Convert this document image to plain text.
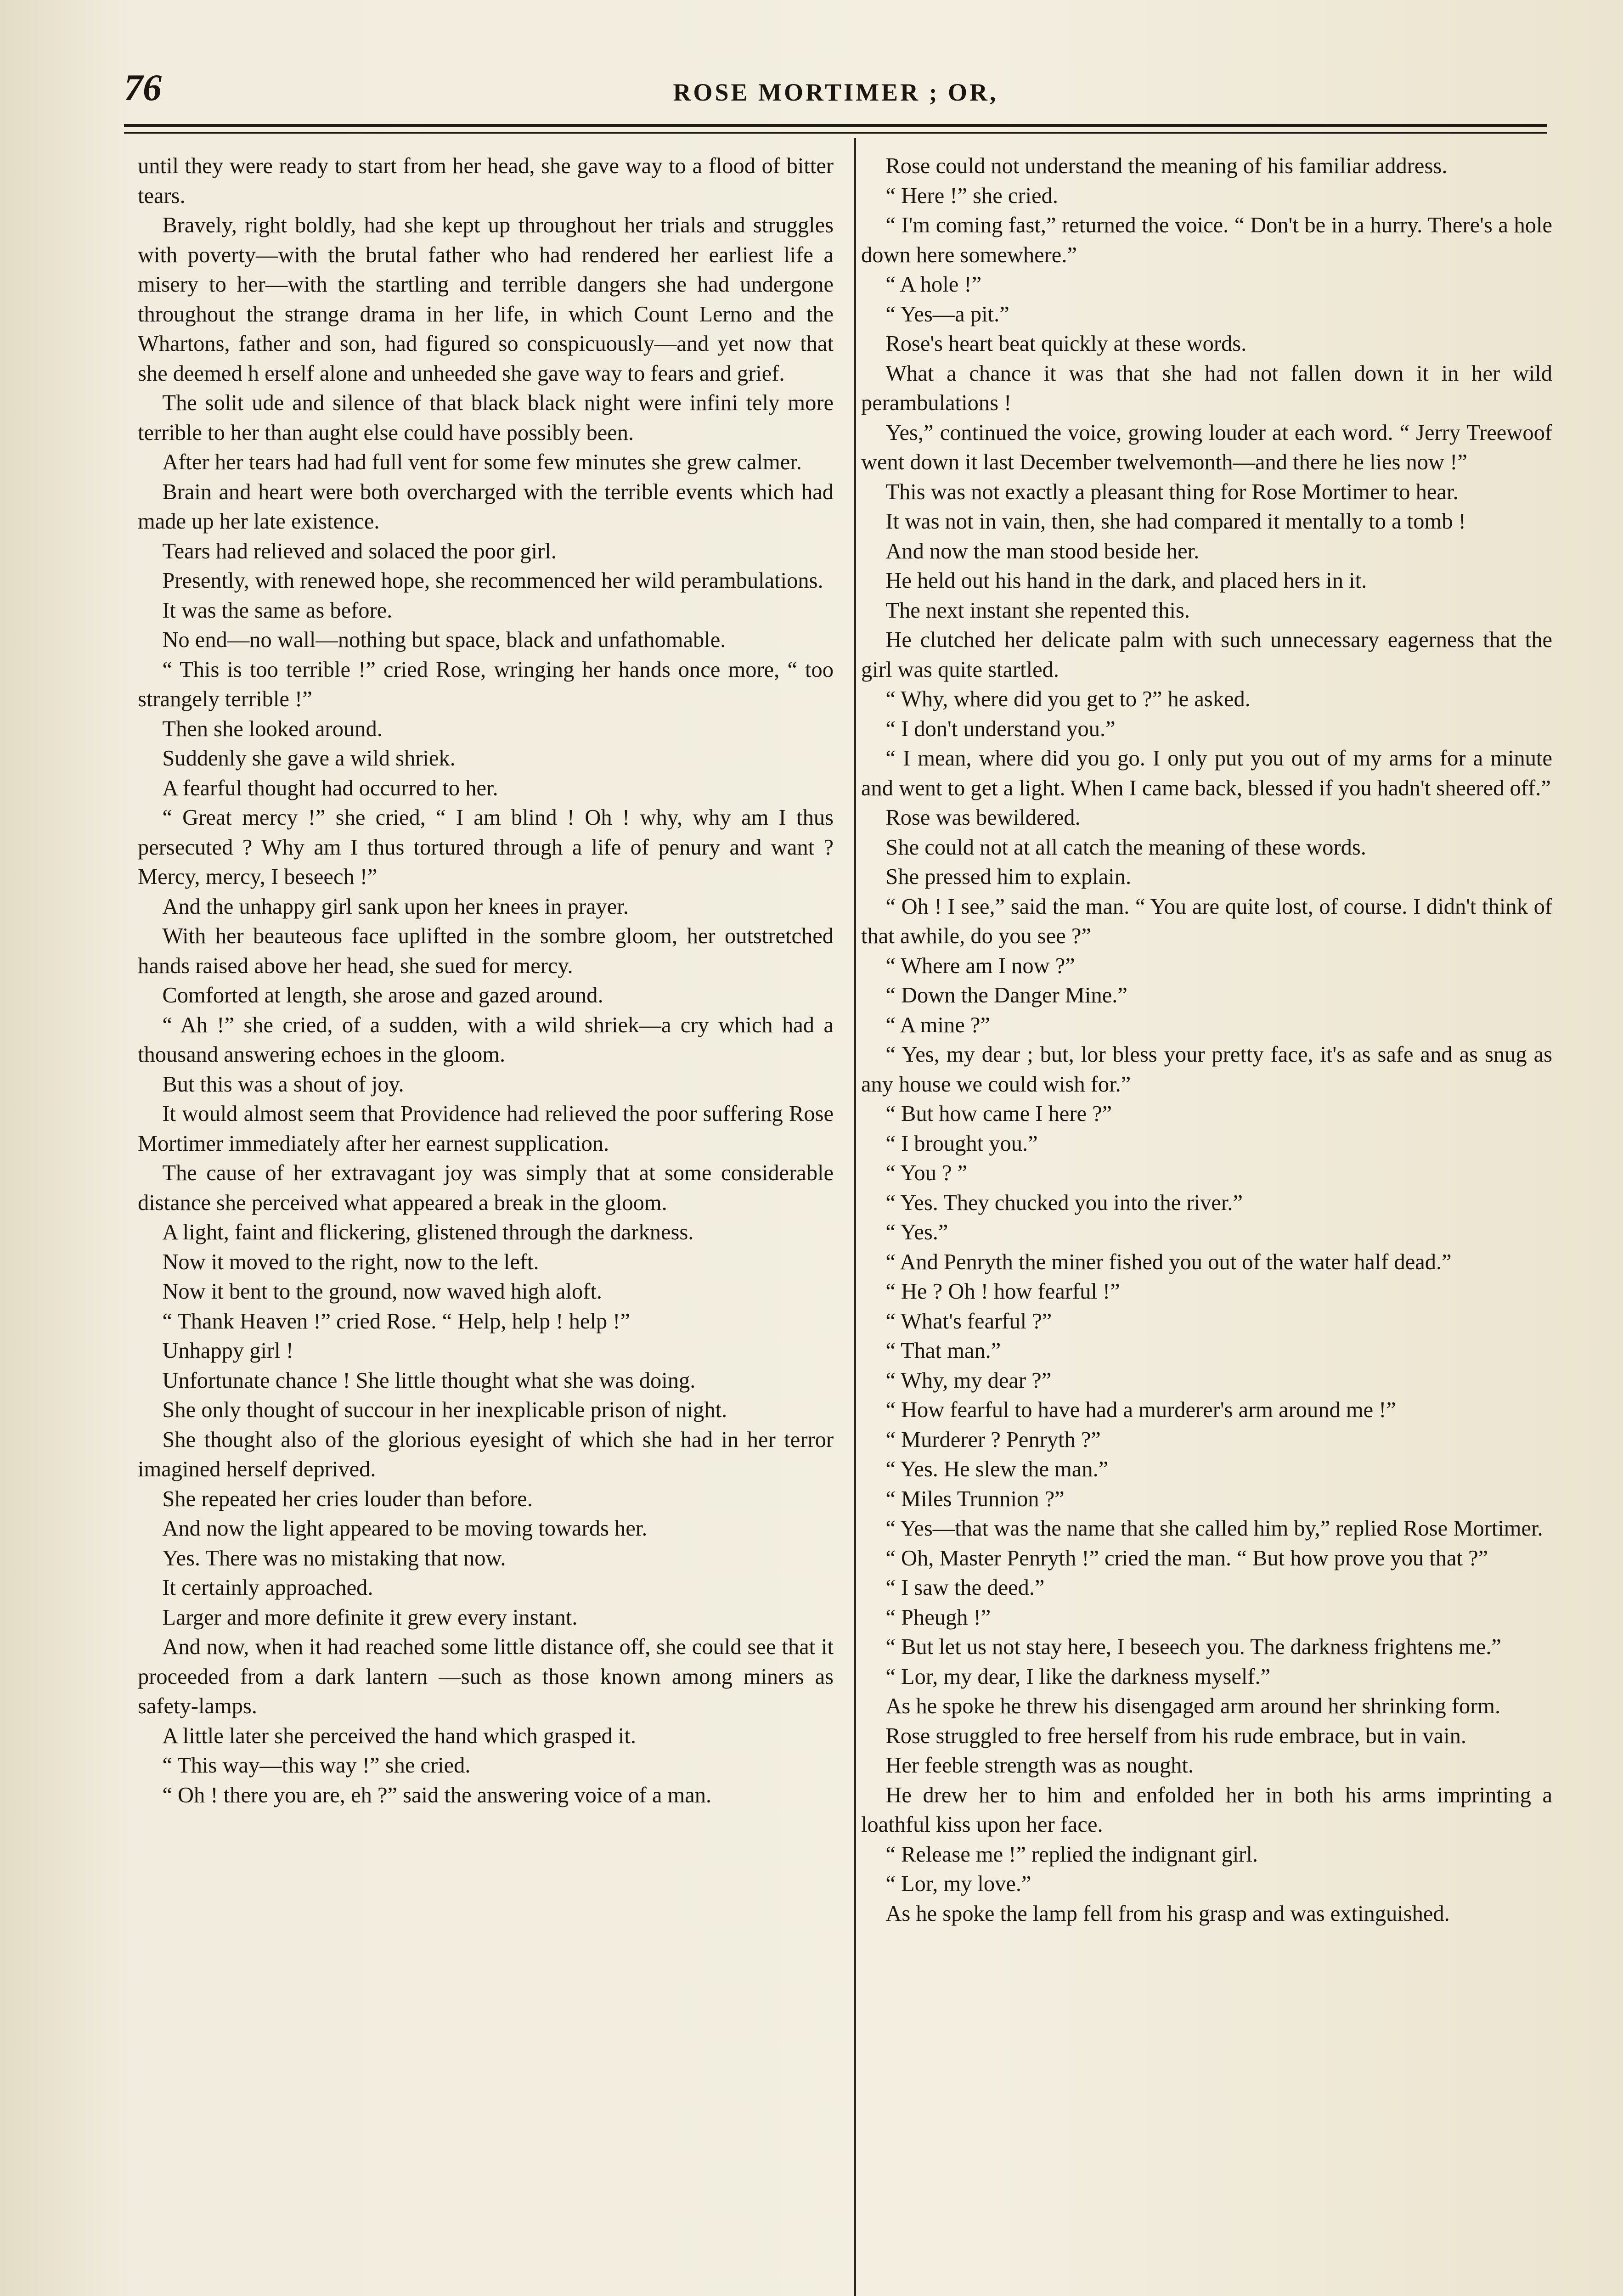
76	ROSE MORTIMER ; OR,

until they were ready to start from her head, she gave way to a flood of bitter tears.

Bravely, right boldly, had she kept up throughout her trials and struggles with poverty—with the brutal father who had rendered her earliest life a misery to her—with the startling and terrible dangers she had undergone throughout the strange drama in her life, in which Count Lerno and the Whartons, father and son, had figured so conspicuously—and yet now that she deemed h erself alone and unheeded she gave way to fears and grief.

The solit ude and silence of that black black night were infini tely more terrible to her than aught else could have possibly been.

After her tears had had full vent for some few minutes she grew calmer.

Brain and heart were both overcharged with the terrible events which had made up her late existence.

Tears had relieved and solaced the poor girl.

Presently, with renewed hope, she recommenced her wild perambulations.

It was the same as before.

No end—no wall—nothing but space, black and unfathomable.

“ This is too terrible !” cried Rose, wringing her hands once more, “ too strangely terrible !”

Then she looked around.

Suddenly she gave a wild shriek.

A fearful thought had occurred to her.

“ Great mercy !” she cried, “ I am blind ! Oh ! why, why am I thus persecuted ? Why am I thus tortured through a life of penury and want ? Mercy, mercy, I beseech !”

And the unhappy girl sank upon her knees in prayer.

With her beauteous face uplifted in the sombre gloom, her outstretched hands raised above her head, she sued for mercy.

Comforted at length, she arose and gazed around.

“ Ah !” she cried, of a sudden, with a wild shriek—a cry which had a thousand answering echoes in the gloom.

But this was a shout of joy.

It would almost seem that Providence had relieved the poor suffering Rose Mortimer immediately after her earnest supplication.

The cause of her extravagant joy was simply that at some considerable distance she perceived what appeared a break in the gloom.

A light, faint and flickering, glistened through the darkness.

Now it moved to the right, now to the left.

Now it bent to the ground, now waved high aloft.

“ Thank Heaven !” cried Rose. “ Help, help ! help !”

Unhappy girl !

Unfortunate chance ! She little thought what she was doing.

She only thought of succour in her inexplicable prison of night.

She thought also of the glorious eyesight of which she had in her terror imagined herself deprived.

She repeated her cries louder than before.

And now the light appeared to be moving towards her.

Yes. There was no mistaking that now.

It certainly approached.

Larger and more definite it grew every instant.

And now, when it had reached some little distance off, she could see that it proceeded from a dark lantern —such as those known among miners as safety-lamps.

A little later she perceived the hand which grasped it.

“ This way—this way !” she cried.

“ Oh ! there you are, eh ?” said the answering voice of a man.

Rose could not understand the meaning of his familiar address.

“ Here !” she cried.

“ I'm coming fast,” returned the voice. “ Don't be in a hurry. There's a hole down here somewhere.”

“ A hole !”

“ Yes—a pit.”

Rose's heart beat quickly at these words.

What a chance it was that she had not fallen down it in her wild perambulations !

Yes,” continued the voice, growing louder at each word. “ Jerry Treewoof went down it last December twelvemonth—and there he lies now !”

This was not exactly a pleasant thing for Rose Mortimer to hear.

It was not in vain, then, she had compared it mentally to a tomb !

And now the man stood beside her.

He held out his hand in the dark, and placed hers in it.

The next instant she repented this.

He clutched her delicate palm with such unnecessary eagerness that the girl was quite startled.

“ Why, where did you get to ?” he asked.

“ I don't understand you.”

“ I mean, where did you go. I only put you out of my arms for a minute and went to get a light. When I came back, blessed if you hadn't sheered off.”

Rose was bewildered.

She could not at all catch the meaning of these words.

She pressed him to explain.

“ Oh ! I see,” said the man. “ You are quite lost, of course. I didn't think of that awhile, do you see ?”

“ Where am I now ?”

“ Down the Danger Mine.”

“ A mine ?”

“ Yes, my dear ; but, lor bless your pretty face, it's as safe and as snug as any house we could wish for.”

“ But how came I here ?”

“ I brought you.”

“ You ? ”

“ Yes. They chucked you into the river.”

“ Yes.”

“ And Penryth the miner fished you out of the water half dead.”

“ He ? Oh ! how fearful !”

“ What's fearful ?”

“ That man.”

“ Why, my dear ?”

“ How fearful to have had a murderer's arm around me !”

“ Murderer ? Penryth ?”

“ Yes. He slew the man.”

“ Miles Trunnion ?”

“ Yes—that was the name that she called him by,” replied Rose Mortimer.

“ Oh, Master Penryth !” cried the man. “ But how prove you that ?”

“ I saw the deed.”

“ Pheugh !”

“ But let us not stay here, I beseech you. The darkness frightens me.”

“ Lor, my dear, I like the darkness myself.”

As he spoke he threw his disengaged arm around her shrinking form.

Rose struggled to free herself from his rude embrace, but in vain.

Her feeble strength was as nought.

He drew her to him and enfolded her in both his arms imprinting a loathful kiss upon her face.

“ Release me !” replied the indignant girl.

“ Lor, my love.”

As he spoke the lamp fell from his grasp and was extinguished.
